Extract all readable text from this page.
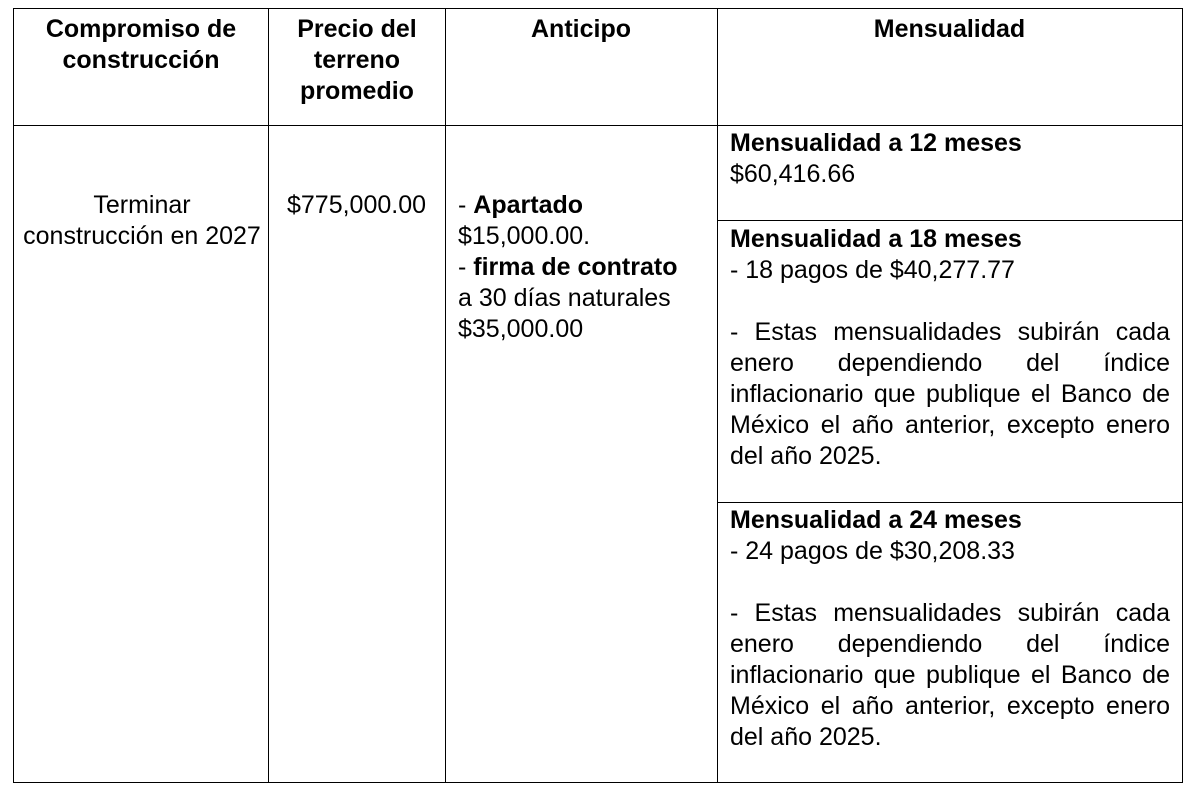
Compromiso de construcción
Precio del terreno promedio
Anticipo	Mensualidad
Terminar construcción en 2027
$775,000.00	- Apartado
$15,000.00.
- firma de contrato
a 30 días naturales
$35,000.00
Mensualidad a 12 meses
$60,416.66
Mensualidad a 18 meses
- 18 pagos de $40,277.77

- Estas mensualidades subirán cada enero dependiendo del índice inflacionario que publique el Banco de México el año anterior, excepto enero del año 2025.

Mensualidad a 24 meses
- 24 pagos de $30,208.33

- Estas mensualidades subirán cada enero dependiendo del índice inflacionario que publique el Banco de México el año anterior, excepto enero del año 2025.
